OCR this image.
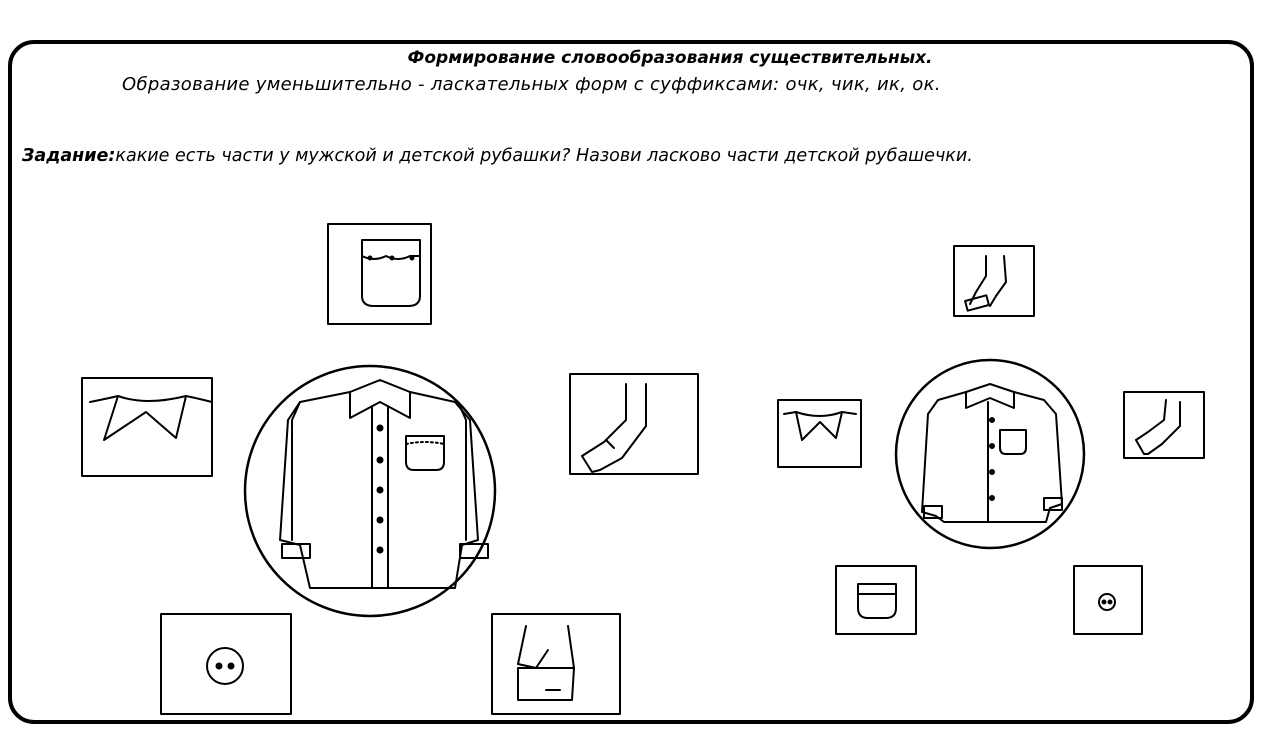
Формирование словообразования существительных.
Образование уменьшительно - ласкательных форм с суффиксами: очк, чик, ик, ок.
Задание:какие есть части у мужской и детской рубашки? Назови ласково части детской рубашечки.
